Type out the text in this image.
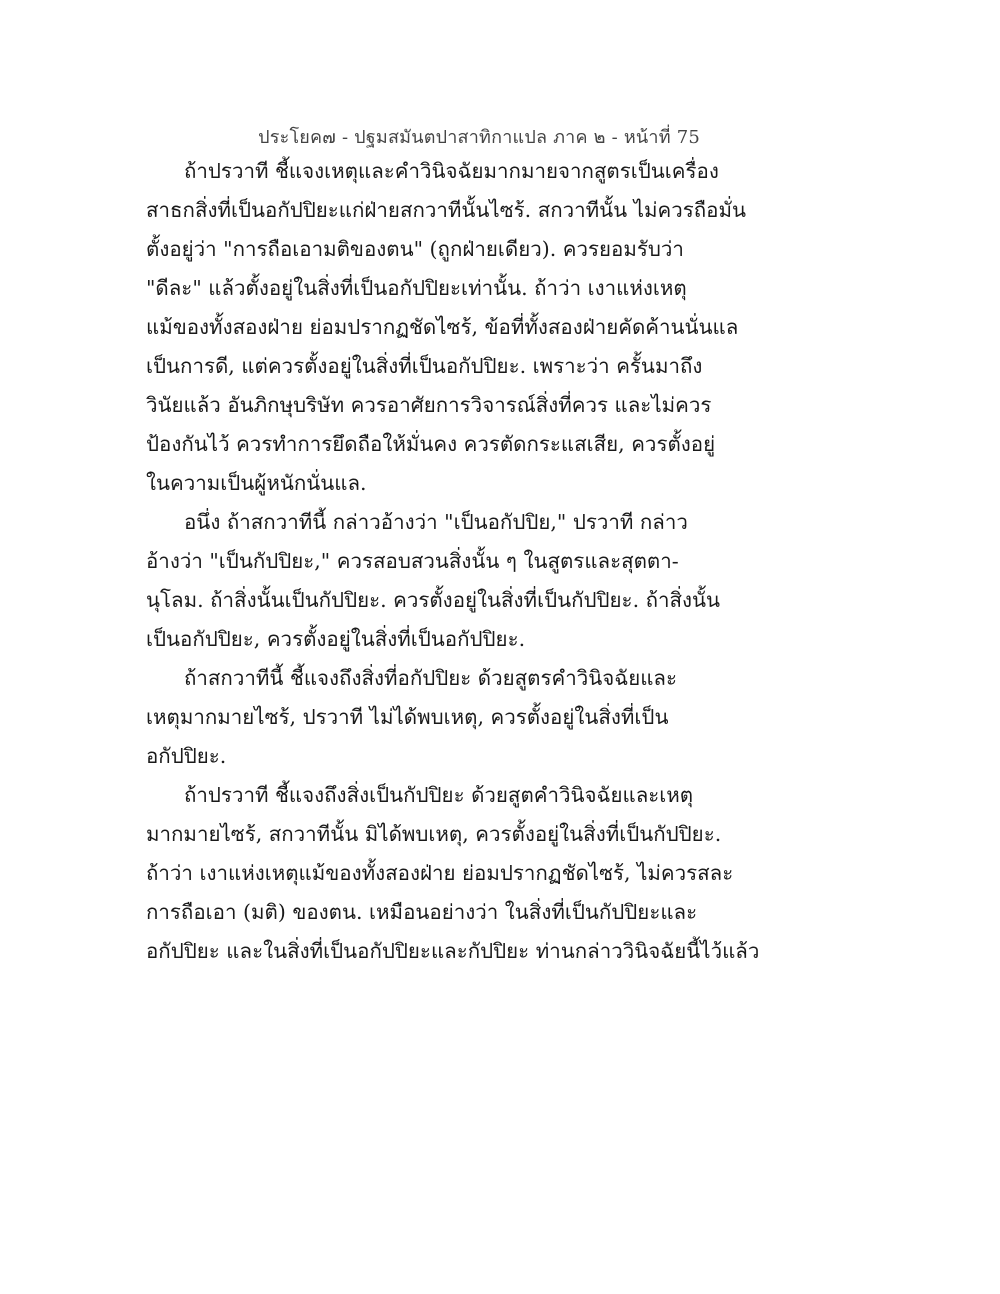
ประโยค๗ - ปฐมสมันตปาสาทิกาแปล ภาค ๒ - หน้าที่ 75
ถ้าปรวาที ชี้แจงเหตุและคำวินิจฉัยมากมายจากสูตรเป็นเครื่อง
สาธกสิ่งที่เป็นอกัปปิยะแก่ฝ่ายสกวาทีนั้นไซร้. สกวาทีนั้น ไม่ควรถือมั่น
ตั้งอยู่ว่า "การถือเอามติของตน" (ถูกฝ่ายเดียว). ควรยอมรับว่า
"ดีละ" แล้วตั้งอยู่ในสิ่งที่เป็นอกัปปิยะเท่านั้น. ถ้าว่า เงาแห่งเหตุ
แม้ของทั้งสองฝ่าย ย่อมปรากฏชัดไซร้, ข้อที่ทั้งสองฝ่ายคัดค้านนั่นแล
เป็นการดี, แต่ควรตั้งอยู่ในสิ่งที่เป็นอกัปปิยะ. เพราะว่า ครั้นมาถึง
วินัยแล้ว อันภิกษุบริษัท ควรอาศัยการวิจารณ์สิ่งที่ควร และไม่ควร
ป้องกันไว้ ควรทำการยึดถือให้มั่นคง ควรตัดกระแสเสีย, ควรตั้งอยู่
ในความเป็นผู้หนักนั่นแล.
อนึ่ง ถ้าสกวาทีนี้ กล่าวอ้างว่า "เป็นอกัปปิย," ปรวาที กล่าว
อ้างว่า "เป็นกัปปิยะ," ควรสอบสวนสิ่งนั้น ๆ ในสูตรและสุตตา-
นุโลม. ถ้าสิ่งนั้นเป็นกัปปิยะ. ควรตั้งอยู่ในสิ่งที่เป็นกัปปิยะ. ถ้าสิ่งนั้น
เป็นอกัปปิยะ, ควรตั้งอยู่ในสิ่งที่เป็นอกัปปิยะ.
ถ้าสกวาทีนี้ ชี้แจงถึงสิ่งที่อกัปปิยะ ด้วยสูตรคำวินิจฉัยและ
เหตุมากมายไซร้, ปรวาที ไม่ได้พบเหตุ, ควรตั้งอยู่ในสิ่งที่เป็น
อกัปปิยะ.
ถ้าปรวาที ชี้แจงถึงสิ่งเป็นกัปปิยะ ด้วยสูตคำวินิจฉัยและเหตุ
มากมายไซร้, สกวาทีนั้น มิได้พบเหตุ, ควรตั้งอยู่ในสิ่งที่เป็นกัปปิยะ.
ถ้าว่า เงาแห่งเหตุแม้ของทั้งสองฝ่าย ย่อมปรากฏชัดไซร้, ไม่ควรสละ
การถือเอา (มติ) ของตน. เหมือนอย่างว่า ในสิ่งที่เป็นกัปปิยะและ
อกัปปิยะ และในสิ่งที่เป็นอกัปปิยะและกัปปิยะ ท่านกล่าววินิจฉัยนี้ไว้แล้ว
